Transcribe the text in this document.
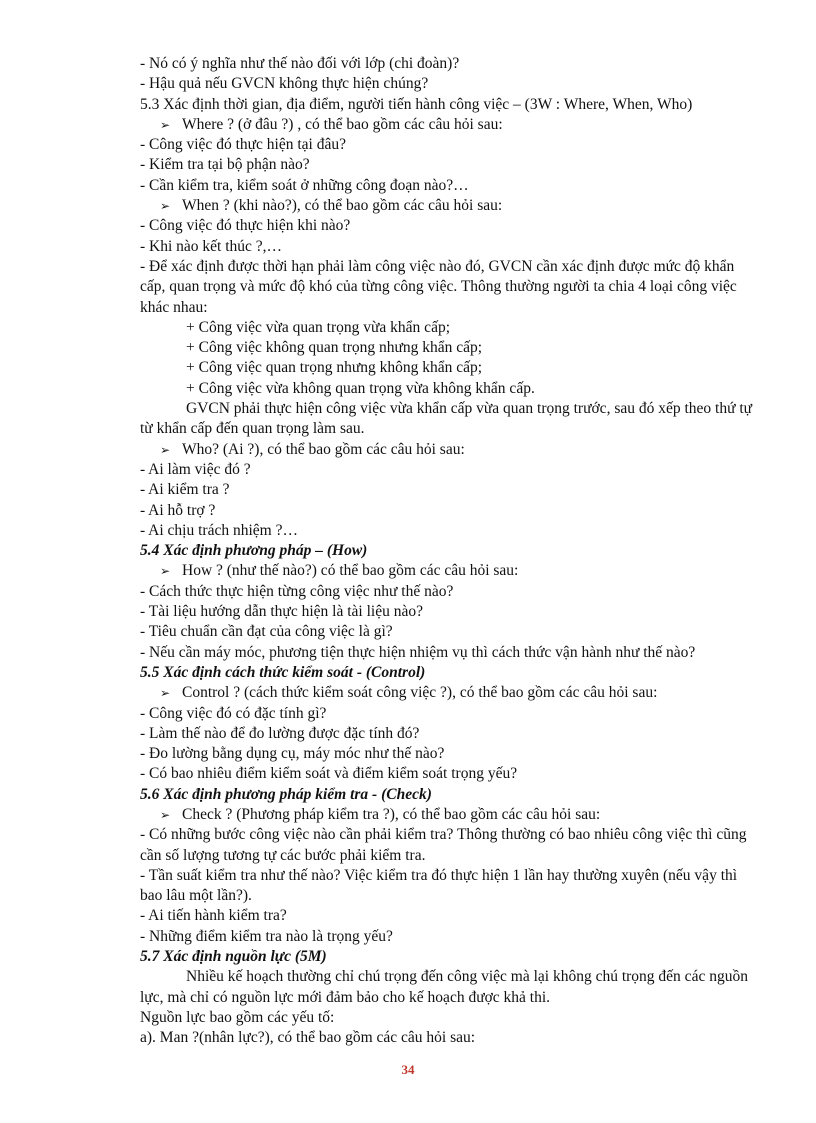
- Nó có ý nghĩa như thế nào đối với lớp (chi đoàn)?
- Hậu quả nếu GVCN không thực hiện chúng?
5.3 Xác định thời gian, địa điểm, người tiến hành công việc – (3W : Where, When, Who)
➢ Where ? (ở đâu ?) , có thể bao gồm các câu hỏi sau:
- Công việc đó thực hiện tại đâu?
- Kiểm tra tại bộ phận nào?
- Cần kiểm tra, kiểm soát ở những công đoạn nào?…
➢ When ? (khi nào?), có thể bao gồm các câu hỏi sau:
- Công việc đó thực hiện khi nào?
- Khi nào kết thúc ?,…
- Để xác định được thời hạn phải làm công việc nào đó, GVCN cần xác định được mức độ khẩn cấp, quan trọng và mức độ khó của từng công việc. Thông thường người ta chia 4 loại công việc khác nhau:
+ Công việc vừa quan trọng vừa khẩn cấp;
+ Công việc không quan trọng nhưng khẩn cấp;
+ Công việc quan trọng nhưng không khẩn cấp;
+ Công việc vừa không quan trọng vừa không khẩn cấp.
GVCN phải thực hiện công việc vừa khẩn cấp vừa quan trọng trước, sau đó xếp theo thứ tự từ khẩn cấp đến quan trọng làm sau.
➢ Who? (Ai ?), có thể bao gồm các câu hỏi sau:
- Ai làm việc đó ?
- Ai kiểm tra ?
- Ai hỗ trợ ?
- Ai chịu trách nhiệm ?…
5.4 Xác định phương pháp – (How)
➢ How ? (như thế nào?) có thể bao gồm các câu hỏi sau:
- Cách thức thực hiện từng công việc như thế nào?
- Tài liệu hướng dẫn thực hiện là tài liệu nào?
- Tiêu chuẩn cần đạt của công việc là gì?
- Nếu cần máy móc, phương tiện thực hiện nhiệm vụ thì cách thức vận hành như thế nào?
5.5 Xác định cách thức kiểm soát - (Control)
➢ Control ? (cách thức kiểm soát công việc ?), có thể bao gồm các câu hỏi sau:
- Công việc đó có đặc tính gì?
- Làm thế nào để đo lường được đặc tính đó?
- Đo lường bằng dụng cụ, máy móc như thế nào?
- Có bao nhiêu điểm kiểm soát và điểm kiểm soát trọng yếu?
5.6 Xác định phương pháp kiểm tra - (Check)
➢ Check ? (Phương pháp kiểm tra ?), có thể bao gồm các câu hỏi sau:
- Có những bước công việc nào cần phải kiểm tra? Thông thường có bao nhiêu công việc thì cũng cần số lượng tương tự các bước phải kiểm tra.
- Tần suất kiểm tra như thế nào? Việc kiểm tra đó thực hiện 1 lần hay thường xuyên (nếu vậy thì bao lâu một lần?).
- Ai tiến hành kiểm tra?
- Những điểm kiểm tra nào là trọng yếu?
5.7 Xác định nguồn lực (5M)
Nhiều kế hoạch thường chỉ chú trọng đến công việc mà lại không chú trọng đến các nguồn lực, mà chỉ có nguồn lực mới đảm bảo cho kế hoạch được khả thi.
Nguồn lực bao gồm các yếu tố:
a). Man ?(nhân lực?), có thể bao gồm các câu hỏi sau:
34
